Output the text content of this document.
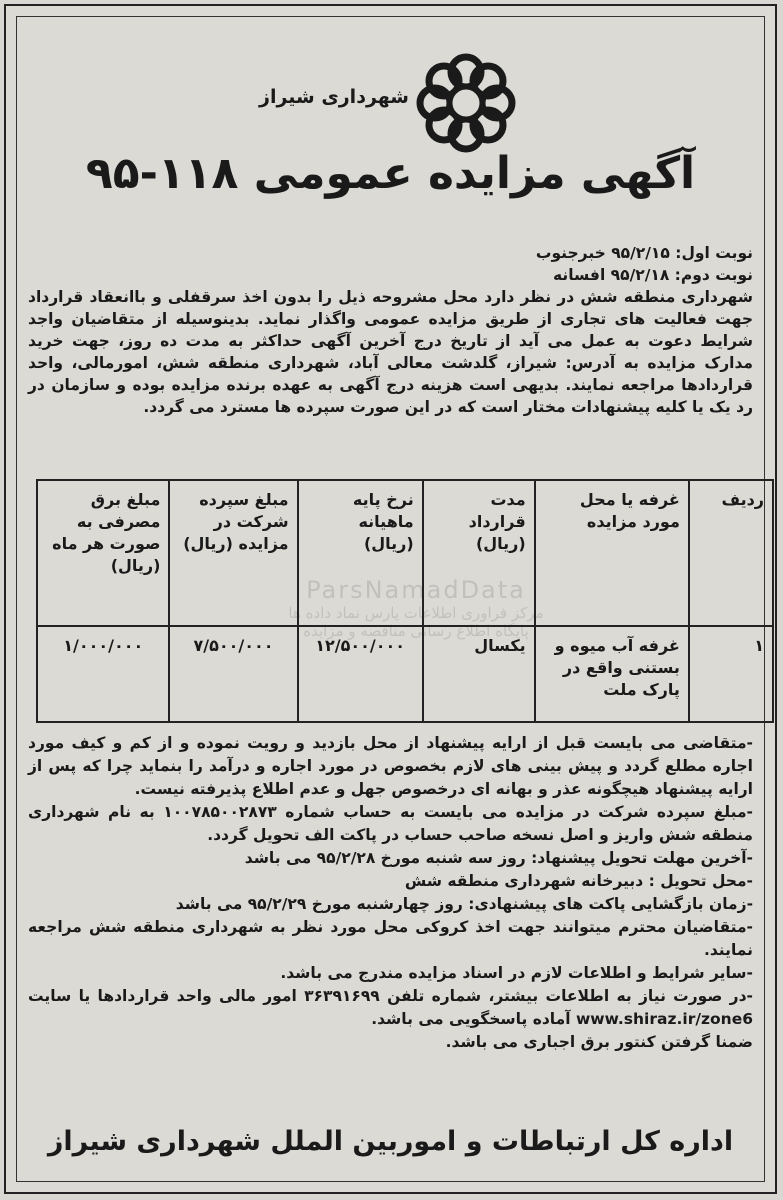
شهرداری شیراز
آگهی مزایده عمومی ۱۱۸-۹۵

نوبت اول: ۹۵/۲/۱۵ خبرجنوب

نوبت دوم: ۹۵/۲/۱۸ افسانه

شهرداری منطقه شش در نظر دارد محل مشروحه ذیل را بدون اخذ سرقفلی و باانعقاد قرارداد جهت فعالیت های تجاری از طریق مزایده عمومی واگذار نماید. بدینوسیله از متقاضیان واجد شرایط دعوت به عمل می آید از تاریخ درج آخرین آگهی حداکثر به مدت ده روز، جهت خرید مدارک مزایده به آدرس: شیراز، گلدشت معالی آباد، شهرداری منطقه شش، امورمالی، واحد قراردادها مراجعه نمایند. بدیهی است هزینه درج آگهی به عهده برنده مزایده بوده و سازمان در رد یک یا کلیه پیشنهادات مختار است که در این صورت سپرده ها مسترد می گردد.

ParsNamadData
مرکز فراوری اطلاعات پارس نماد داده ها
پایگاه اطلاع رسانی مناقصه و مزایده
ردیف	غرفه یا محل مورد مزایده	مدت قرارداد (ریال)	نرخ پایه ماهیانه (ریال)	مبلغ سپرده شرکت در مزایده (ریال)	مبلغ برق مصرفی به صورت هر ماه (ریال)
۱	غرفه آب میوه و بستنی واقع در پارک ملت	یکسال	۱۲/۵۰۰/۰۰۰	۷/۵۰۰/۰۰۰	۱/۰۰۰/۰۰۰

-متقاضی می بایست قبل از ارایه پیشنهاد از محل بازدید و رویت نموده و از کم و کیف مورد اجاره مطلع گردد و پیش بینی های لازم بخصوص در مورد اجاره و درآمد را بنماید چرا که پس از ارایه پیشنهاد هیچگونه عذر و بهانه ای درخصوص جهل و عدم اطلاع پذیرفته نیست.

-مبلغ سپرده شرکت در مزایده می بایست به حساب شماره ۱۰۰۷۸۵۰۰۲۸۷۳ به نام شهرداری منطقه شش واریز و اصل نسخه صاحب حساب در پاکت الف تحویل گردد.

-آخرین مهلت تحویل پیشنهاد: روز سه شنبه مورخ ۹۵/۲/۲۸ می باشد

-محل تحویل : دبیرخانه شهرداری منطقه شش

-زمان بازگشایی پاکت های پیشنهادی: روز چهارشنبه مورخ ۹۵/۲/۲۹ می باشد

-متقاضیان محترم میتوانند جهت اخذ کروکی محل مورد نظر به شهرداری منطقه شش مراجعه نمایند.

-سایر شرایط و اطلاعات لازم در اسناد مزایده مندرج می باشد.

-در صورت نیاز به اطلاعات بیشتر، شماره تلفن ۳۶۳۹۱۶۹۹ امور مالی واحد قراردادها یا سایت www.shiraz.ir/zone6 آماده پاسخگویی می باشد.

ضمنا گرفتن کنتور برق اجباری می باشد.

اداره کل ارتباطات و اموربین الملل شهرداری شیراز
